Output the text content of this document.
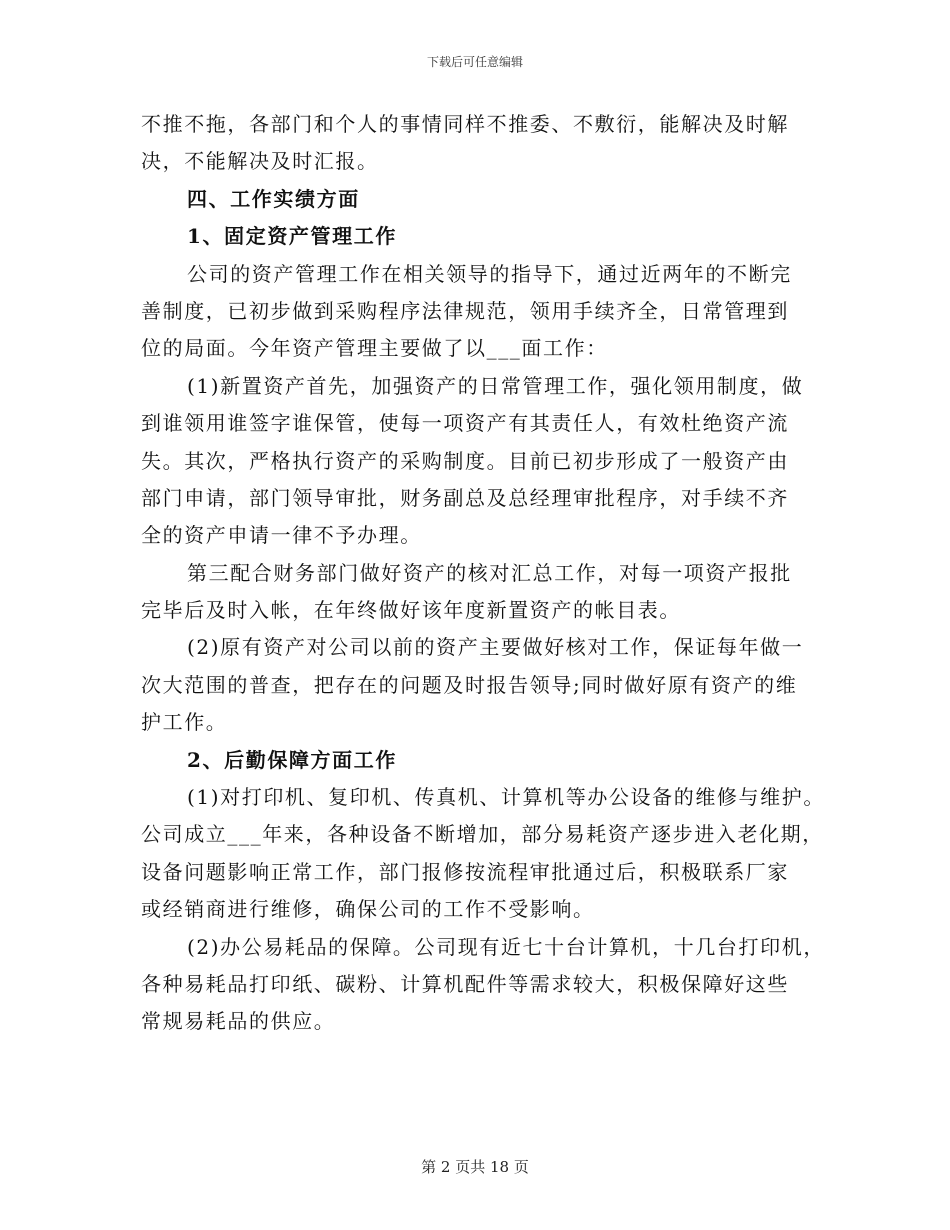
下载后可任意编辑
不推不拖，各部门和个人的事情同样不推委、不敷衍，能解决及时解
决，不能解决及时汇报。
四、工作实绩方面
1、固定资产管理工作
公司的资产管理工作在相关领导的指导下，通过近两年的不断完
善制度，已初步做到采购程序法律规范，领用手续齐全，日常管理到
位的局面。今年资产管理主要做了以___面工作：
(1)新置资产首先，加强资产的日常管理工作，强化领用制度，做
到谁领用谁签字谁保管，使每一项资产有其责任人，有效杜绝资产流
失。其次，严格执行资产的采购制度。目前已初步形成了一般资产由
部门申请，部门领导审批，财务副总及总经理审批程序，对手续不齐
全的资产申请一律不予办理。
第三配合财务部门做好资产的核对汇总工作，对每一项资产报批
完毕后及时入帐，在年终做好该年度新置资产的帐目表。
(2)原有资产对公司以前的资产主要做好核对工作，保证每年做一
次大范围的普查，把存在的问题及时报告领导;同时做好原有资产的维
护工作。
2、后勤保障方面工作
(1)对打印机、复印机、传真机、计算机等办公设备的维修与维护。
公司成立___年来，各种设备不断增加，部分易耗资产逐步进入老化期，
设备问题影响正常工作，部门报修按流程审批通过后，积极联系厂家
或经销商进行维修，确保公司的工作不受影响。
(2)办公易耗品的保障。公司现有近七十台计算机，十几台打印机，
各种易耗品打印纸、碳粉、计算机配件等需求较大，积极保障好这些
常规易耗品的供应。
第 2 页共 18 页
